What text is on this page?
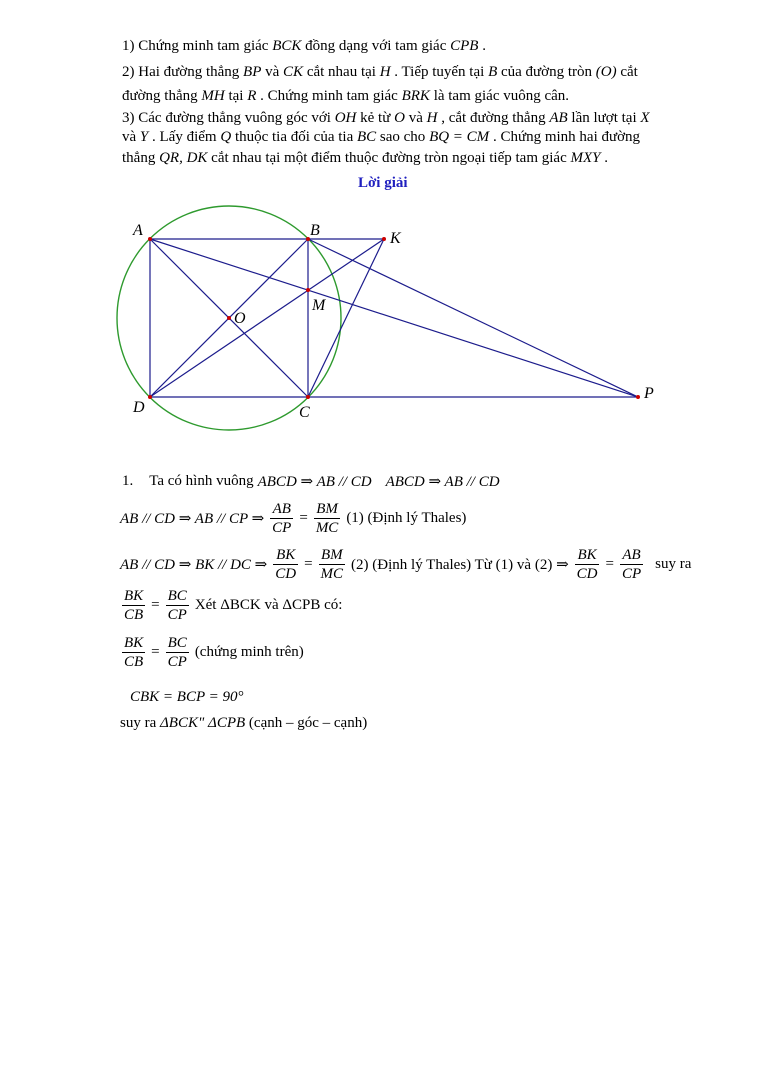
1) Chứng minh tam giác BCK đồng dạng với tam giác CPB .
2) Hai đường thẳng BP và CK cắt nhau tại H . Tiếp tuyến tại B của đường tròn (O) cắt
đường thẳng MH tại R . Chứng minh tam giác BRK là tam giác vuông cân.
3) Các đường thẳng vuông góc với OH kẻ từ O và H , cắt đường thẳng AB lần lượt tại X
và Y . Lấy điểm Q thuộc tia đối của tia BC sao cho BQ = CM . Chứng minh hai đường
thẳng QR, DK cắt nhau tại một điểm thuộc đường tròn ngoại tiếp tam giác MXY .
Lời giải
A	B	K
M
O
D	C
P
1. Ta có hình vuông ABCD ⇒ AB // CD ABCD ⇒ AB // CD
AB // CD ⇒ AB // CP ⇒ $\frac{AB}{CP} = \frac{BM}{MC} (1)$ (Định lý Thales)
AB // CD ⇒ BK // DC ⇒ $\frac{BK}{CD} = \frac{BM}{MC} (2)$ (Định lý Thales) Từ (1) và (2) ⇒ $\frac{BK}{CD} = \frac{AB}{CP}$ suy ra
$\frac{BK}{CB} = \frac{BC}{CP}$ Xét ΔBCK và ΔCPB có:
$\frac{BK}{CB} = \frac{BC}{CP}$ (chứng minh trên)
CBK = BCP = 90°
suy ra ΔBCK" ΔCPB (cạnh – góc – cạnh)
